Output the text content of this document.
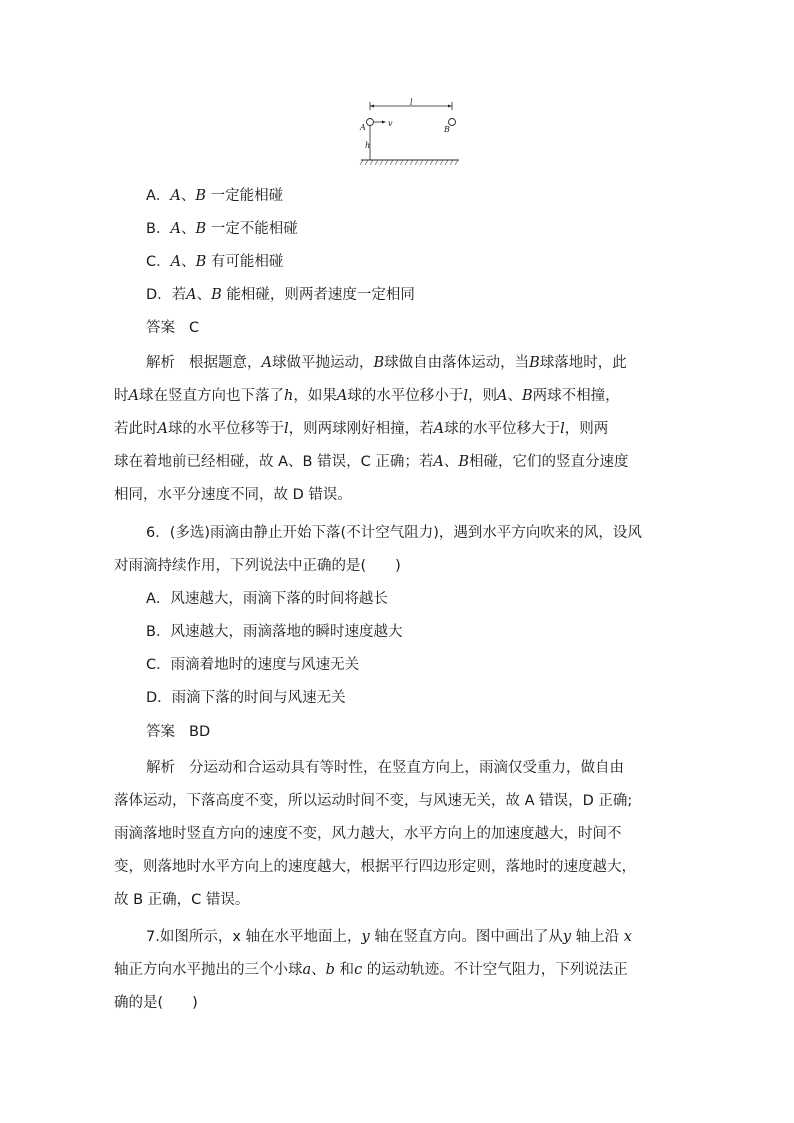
l
A	v
B
h
A．A、B 一定能相碰
B．A、B 一定不能相碰
C．A、B 有可能相碰
D．若A、B 能相碰，则两者速度一定相同
答案 C
解析 根据题意，A球做平抛运动，B球做自由落体运动，当B球落地时，此
时A球在竖直方向也下落了h，如果A球的水平位移小于l，则A、B两球不相撞，
若此时A球的水平位移等于l，则两球刚好相撞，若A球的水平位移大于l，则两
球在着地前已经相碰，故 A、B 错误，C 正确；若A、B相碰，它们的竖直分速度
相同，水平分速度不同，故 D 错误。
6．(多选)雨滴由静止开始下落(不计空气阻力)，遇到水平方向吹来的风，设风
对雨滴持续作用，下列说法中正确的是(　　)
A．风速越大，雨滴下落的时间将越长
B．风速越大，雨滴落地的瞬时速度越大
C．雨滴着地时的速度与风速无关
D．雨滴下落的时间与风速无关
答案 BD
解析 分运动和合运动具有等时性，在竖直方向上，雨滴仅受重力，做自由
落体运动，下落高度不变，所以运动时间不变，与风速无关，故 A 错误，D 正确;
雨滴落地时竖直方向的速度不变，风力越大，水平方向上的加速度越大，时间不
变，则落地时水平方向上的速度越大，根据平行四边形定则，落地时的速度越大，
故 B 正确，C 错误。
7.如图所示，x 轴在水平地面上，y 轴在竖直方向。图中画出了从y 轴上沿 x
轴正方向水平抛出的三个小球a、b 和c 的运动轨迹。不计空气阻力，下列说法正
确的是(　　)
